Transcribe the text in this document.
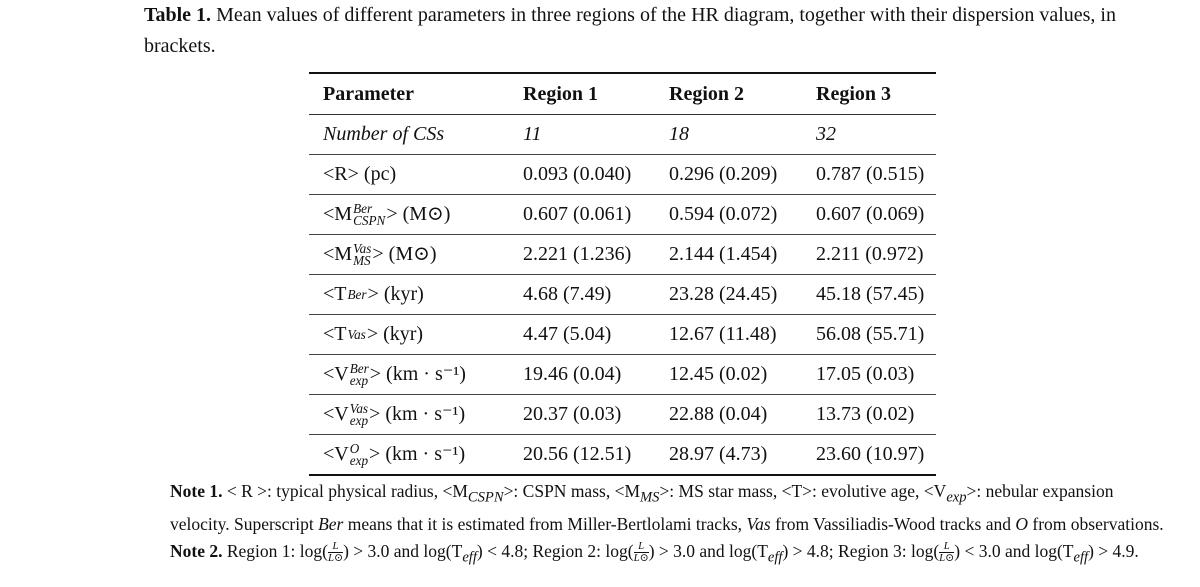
Table 1. Mean values of different parameters in three regions of the HR diagram, together with their dispersion values, in brackets.
Parameter	Region 1	Region 2	Region 3
Number of CSs	11	18	32
<R> (pc)	0.093 (0.040)	0.296 (0.209)	0.787 (0.515)
<M Ber
CSPN > (M⊙)	0.607 (0.061)	0.594 (0.072)	0.607 (0.069)
<M Vas
MS > (M⊙)	2.221 (1.236)	2.144 (1.454)	2.211 (0.972)
<T Ber > (kyr)	4.68 (7.49)	23.28 (24.45)	45.18 (57.45)
<T Vas > (kyr)	4.47 (5.04)	12.67 (11.48)	56.08 (55.71)
<V Ber
exp > (km · s⁻¹)	19.46 (0.04)	12.45 (0.02)	17.05 (0.03)
<V Vas
exp > (km · s⁻¹)	20.37 (0.03)	22.88 (0.04)	13.73 (0.02)
<V O
exp > (km · s⁻¹)	20.56 (12.51)	28.97 (4.73)	23.60 (10.97)
Note 1. < R >: typical physical radius, $<M_{CSPN}>$: CSPN mass, $<M_{MS}>$: MS star mass, <T>: evolutive age, $<V_{exp}>$: nebular expansion velocity. Superscript Ber means that it is estimated from Miller-Bertlolami tracks, Vas from Vassiliadis-Wood tracks and O from observations. Note 2. Region 1: $\log( \frac{L}{L⊙}$ ) > 3.0 and $\log(T_{eff}) < 4.8$; Region 2: $\log( \frac{L}{L⊙}$ ) > 3.0 and $\log(T_{eff}) > 4.8$; Region 3: $\log( \frac{L}{L⊙}$ ) < 3.0 and $\log(T_{eff}) > 4.9$.
